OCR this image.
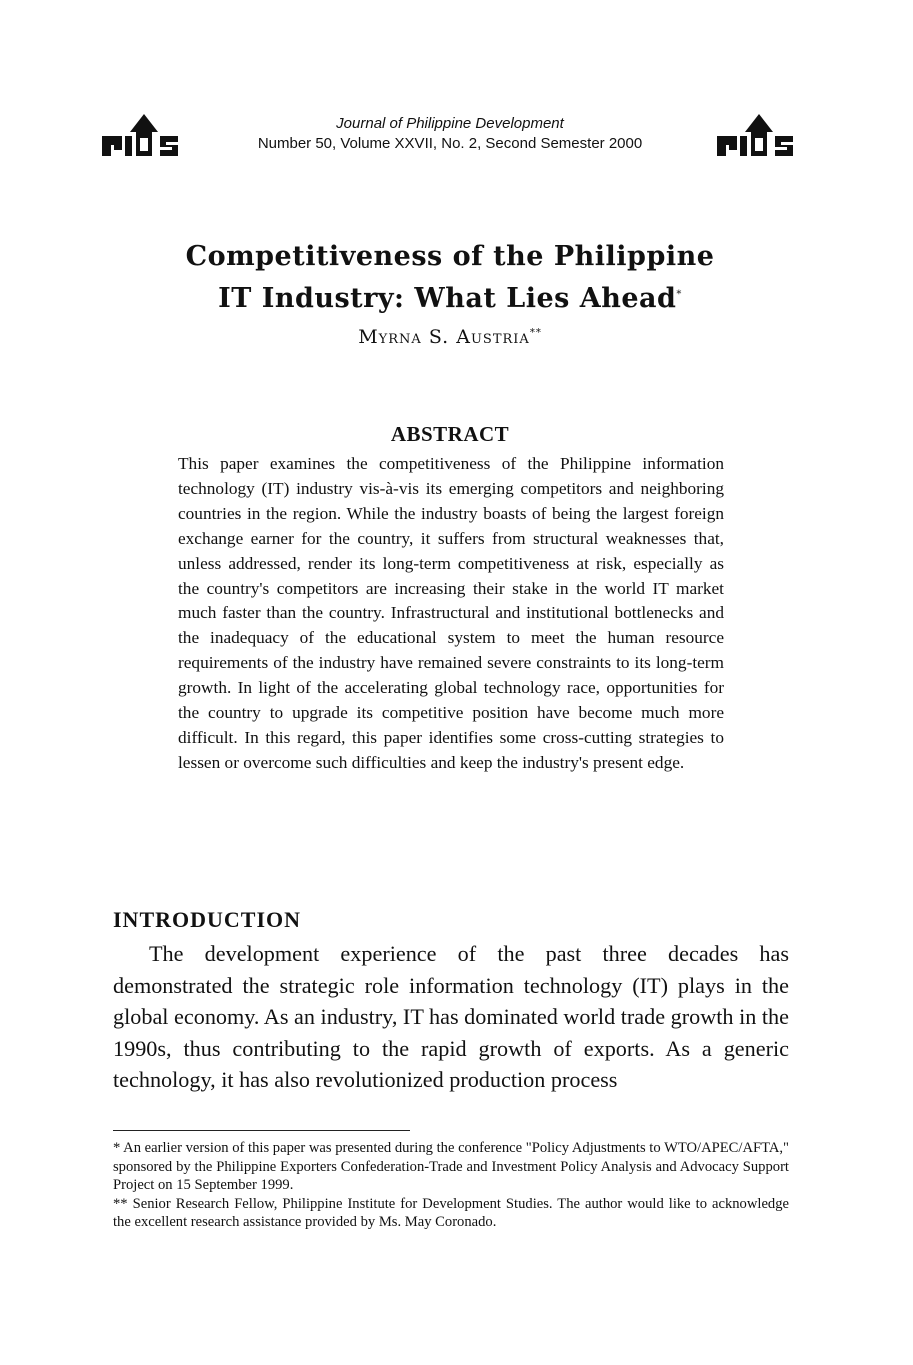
Journal of Philippine Development
Number 50, Volume XXVII, No. 2, Second Semester 2000
Competitiveness of the Philippine
IT Industry: What Lies Ahead*
Myrna S. Austria**
ABSTRACT
This paper examines the competitiveness of the Philippine information technology (IT) industry vis-à-vis its emerging competitors and neighboring countries in the region. While the industry boasts of being the largest foreign exchange earner for the country, it suffers from structural weaknesses that, unless addressed, render its long-term competitiveness at risk, especially as the country's competitors are increasing their stake in the world IT market much faster than the country. Infrastructural and institutional bottlenecks and the inadequacy of the educational system to meet the human resource requirements of the industry have remained severe constraints to its long-term growth. In light of the accelerating global technology race, opportunities for the country to upgrade its competitive position have become much more difficult. In this regard, this paper identifies some cross-cutting strategies to lessen or overcome such difficulties and keep the industry's present edge.
INTRODUCTION

The development experience of the past three decades has demonstrated the strategic role information technology (IT) plays in the global economy. As an industry, IT has dominated world trade growth in the 1990s, thus contributing to the rapid growth of exports. As a generic technology, it has also revolutionized production process

* An earlier version of this paper was presented during the conference "Policy Adjustments to WTO/APEC/AFTA," sponsored by the Philippine Exporters Confederation-Trade and Investment Policy Analysis and Advocacy Support Project on 15 September 1999.

** Senior Research Fellow, Philippine Institute for Development Studies. The author would like to acknowledge the excellent research assistance provided by Ms. May Coronado.
